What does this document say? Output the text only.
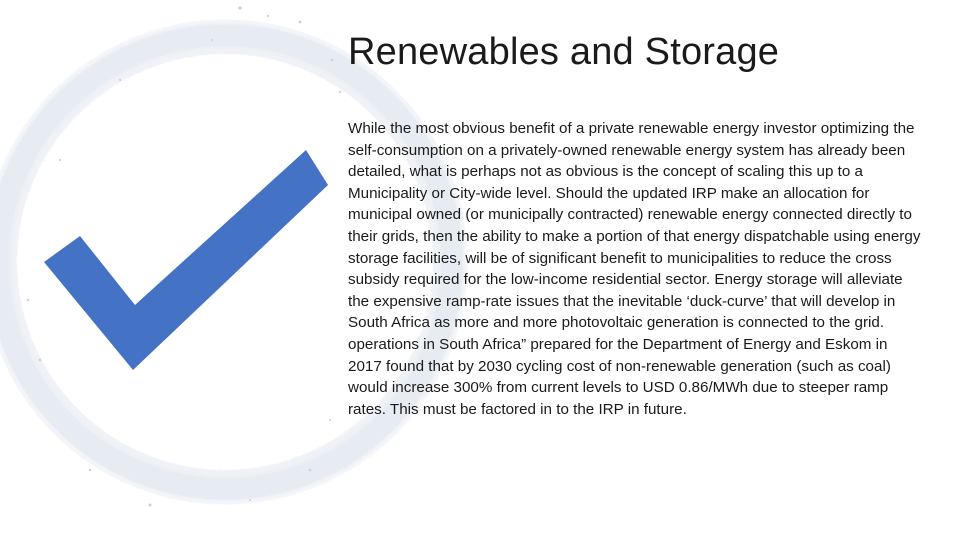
Renewables and Storage

While the most obvious benefit of a private renewable energy investor optimizing the self-consumption on a privately-owned renewable energy system has already been detailed, what is perhaps not as obvious is the concept of scaling this up to a Municipality or City-wide level. Should the updated IRP make an allocation for municipal owned (or municipally contracted) renewable energy connected directly to their grids, then the ability to make a portion of that energy dispatchable using energy storage facilities, will be of significant benefit to municipalities to reduce the cross subsidy required for the low-income residential sector. Energy storage will alleviate the expensive ramp-rate issues that the inevitable ‘duck-curve’ that will develop in South Africa as more and more photovoltaic generation is connected to the grid. operations in South Africa” prepared for the Department of Energy and Eskom in 2017 found that by 2030 cycling cost of non-renewable generation (such as coal) would increase 300% from current levels to USD 0.86/MWh due to steeper ramp rates. This must be factored in to the IRP in future.
